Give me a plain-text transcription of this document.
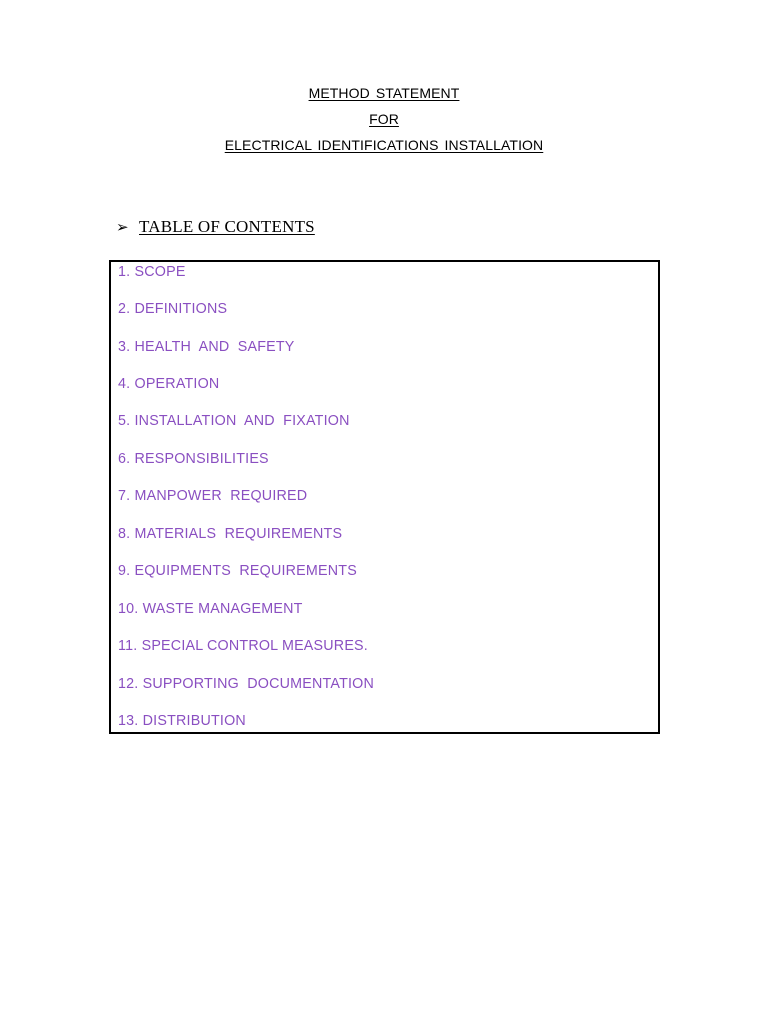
METHOD STATEMENT
FOR
ELECTRICAL IDENTIFICATIONS INSTALLATION
➢ TABLE OF CONTENTS
1. SCOPE
2. DEFINITIONS
3. HEALTH  AND  SAFETY
4. OPERATION
5. INSTALLATION  AND  FIXATION
6. RESPONSIBILITIES
7. MANPOWER  REQUIRED
8. MATERIALS  REQUIREMENTS
9. EQUIPMENTS  REQUIREMENTS
10. WASTE MANAGEMENT
11. SPECIAL CONTROL MEASURES.
12. SUPPORTING  DOCUMENTATION
13. DISTRIBUTION
